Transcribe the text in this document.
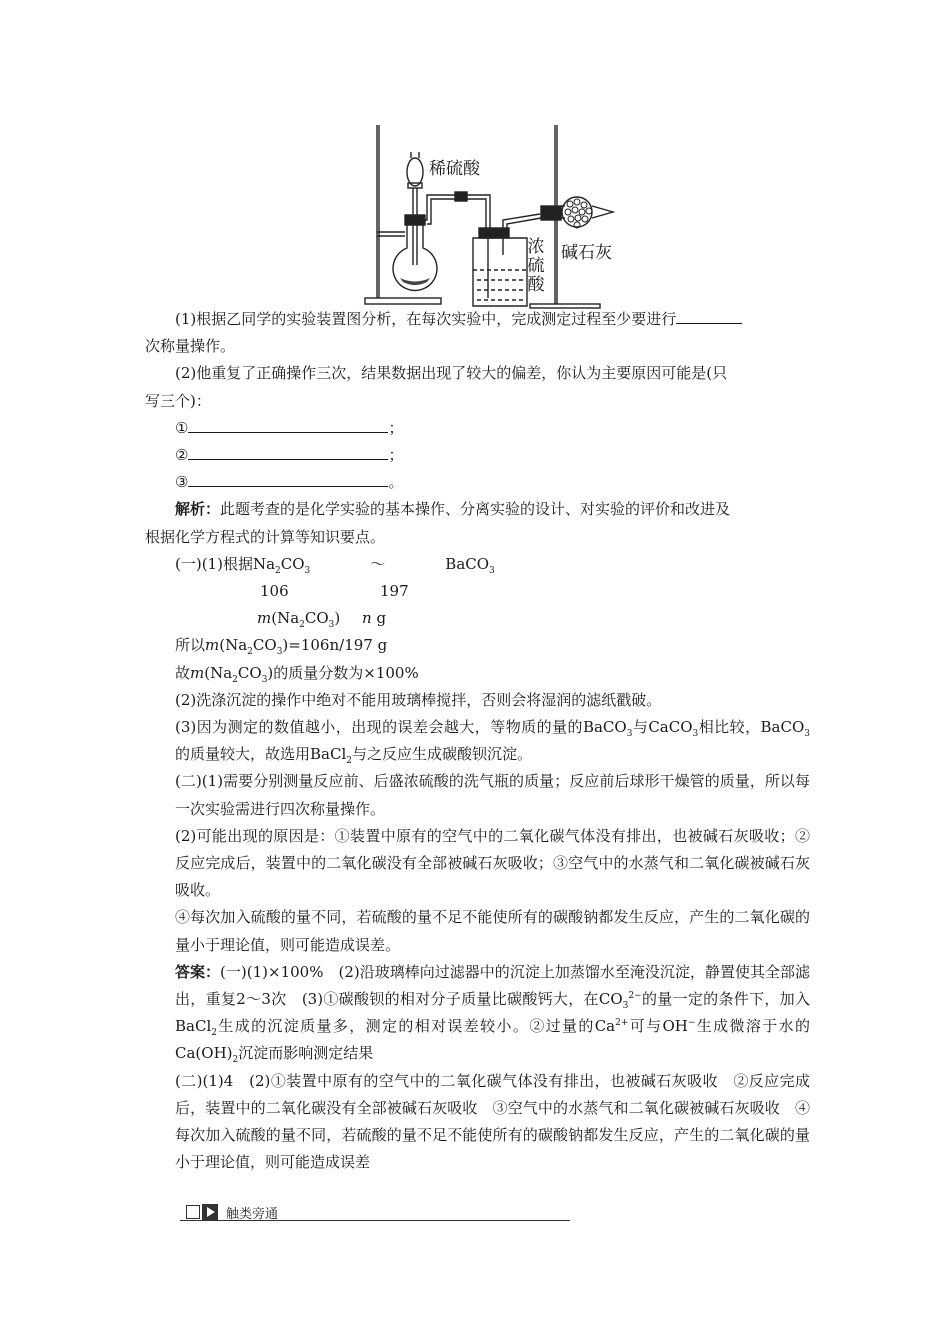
稀硫酸
浓硫酸
碱石灰

(1)根据乙同学的实验装置图分析，在每次实验中，完成测定过程至少要进行

次称量操作。

(2)他重复了正确操作三次，结果数据出现了较大的偏差，你认为主要原因可能是(只

写三个)：

①	；

②	；

③	。

解析：此题考查的是化学实验的基本操作、分离实验的设计、对实验的评价和改进及

根据化学方程式的计算等知识要点。

(一)(1)根据$Na_2CO_3$	～	BaCO$_3$

106	197

$m(Na_2CO_3)$ n g

所以$m(Na_2CO_3)=106n/197$ g

故$m(Na_2CO_3)$的质量分数为×100%

(2)洗涤沉淀的操作中绝对不能用玻璃棒搅拌，否则会将湿润的滤纸戳破。

(3)因为测定的数值越小，出现的误差会越大，等物质的量的BaCO$_3$与CaCO$_3$相比较，BaCO$_3$的质量较大，故选用BaCl$_2$与之反应生成碳酸钡沉淀。

(二)(1)需要分别测量反应前、后盛浓硫酸的洗气瓶的质量；反应前后球形干燥管的质量，所以每一次实验需进行四次称量操作。

(2)可能出现的原因是：①装置中原有的空气中的二氧化碳气体没有排出，也被碱石灰吸收；②反应完成后，装置中的二氧化碳没有全部被碱石灰吸收；③空气中的水蒸气和二氧化碳被碱石灰吸收。

④每次加入硫酸的量不同，若硫酸的量不足不能使所有的碳酸钠都发生反应，产生的二氧化碳的量小于理论值，则可能造成误差。

答案：(一)(1)×100%　(2)沿玻璃棒向过滤器中的沉淀上加蒸馏水至淹没沉淀，静置使其全部滤出，重复2～3次　(3)①碳酸钡的相对分子质量比碳酸钙大，在$CO_3^{2-}$的量一定的条件下，加入BaCl$_2$生成的沉淀质量多，测定的相对误差较小。②过量的$Ca^{2+}$可与OH−生成微溶于水的$Ca(OH)_2$沉淀而影响测定结果

(二)(1)4　(2)①装置中原有的空气中的二氧化碳气体没有排出，也被碱石灰吸收　②反应完成后，装置中的二氧化碳没有全部被碱石灰吸收　③空气中的水蒸气和二氧化碳被碱石灰吸收　④每次加入硫酸的量不同，若硫酸的量不足不能使所有的碳酸钠都发生反应，产生的二氧化碳的量小于理论值，则可能造成误差

触类旁通
